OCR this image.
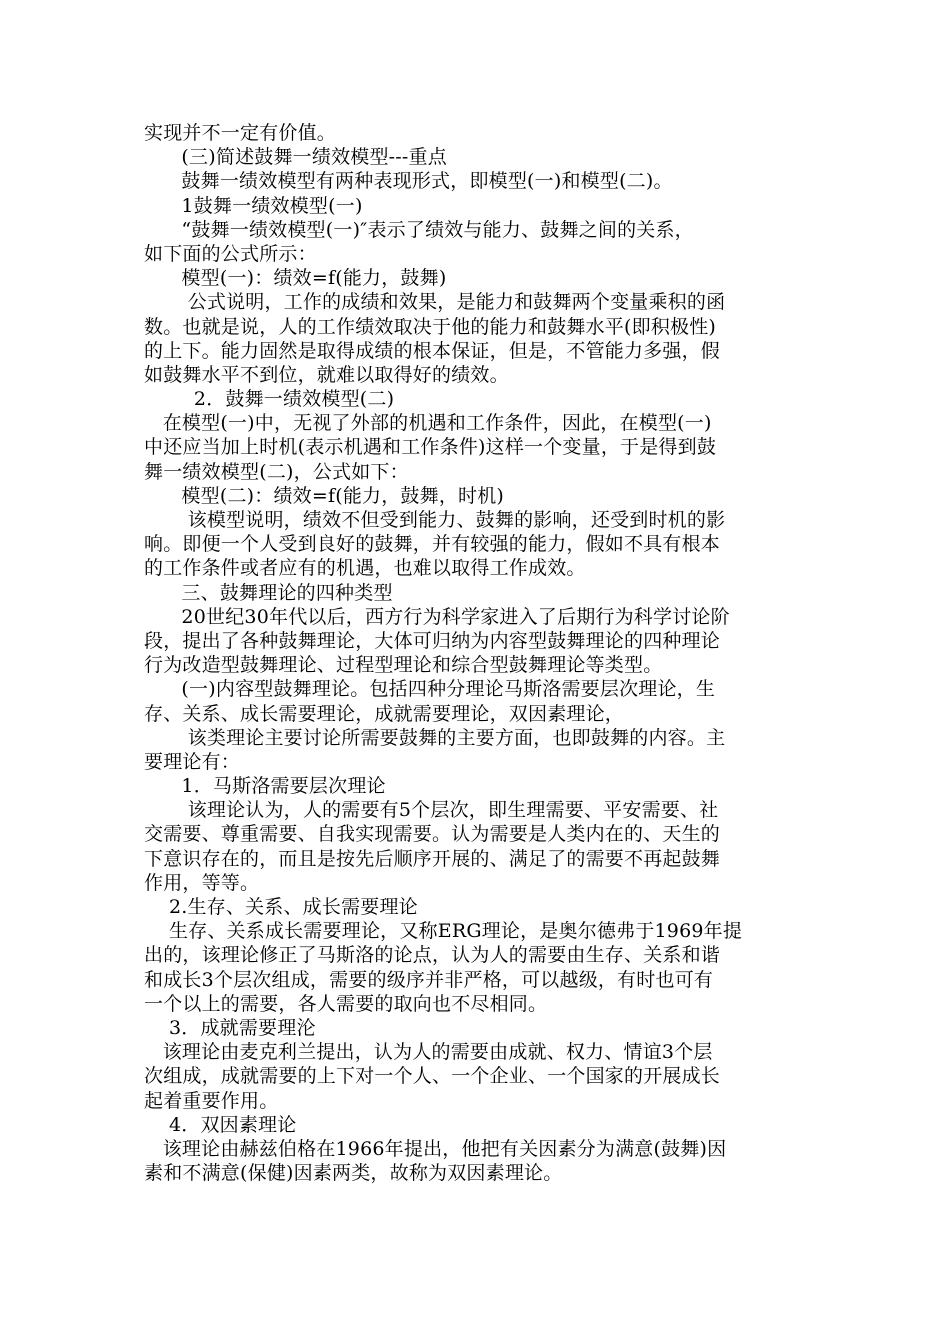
实现并不一定有价值。
(三)简述鼓舞一绩效模型---重点
鼓舞一绩效模型有两种表现形式，即模型(一)和模型(二)。
1鼓舞一绩效模型(一)
“鼓舞一绩效模型(一)″表示了绩效与能力、鼓舞之间的关系，
如下面的公式所示：
模型(一)：绩效=f(能力，鼓舞)
公式说明，工作的成绩和效果，是能力和鼓舞两个变量乘积的函
数。也就是说，人的工作绩效取决于他的能力和鼓舞水平(即积极性)
的上下。能力固然是取得成绩的根本保证，但是，不管能力多强，假
如鼓舞水平不到位，就难以取得好的绩效。
2．鼓舞一绩效模型(二)
在模型(一)中，无视了外部的机遇和工作条件，因此，在模型(一)
中还应当加上时机(表示机遇和工作条件)这样一个变量，于是得到鼓
舞一绩效模型(二)，公式如下：
模型(二)：绩效=f(能力，鼓舞，时机)
该模型说明，绩效不但受到能力、鼓舞的影响，还受到时机的影
响。即便一个人受到良好的鼓舞，并有较强的能力，假如不具有根本
的工作条件或者应有的机遇，也难以取得工作成效。
三、鼓舞理论的四种类型
20世纪30年代以后，西方行为科学家进入了后期行为科学讨论阶
段，提出了各种鼓舞理论，大体可归纳为内容型鼓舞理论的四种理论
行为改造型鼓舞理论、过程型理论和综合型鼓舞理论等类型。
(一)内容型鼓舞理论。包括四种分理论马斯洛需要层次理论，生
存、关系、成长需要理论，成就需要理论，双因素理论，
该类理论主要讨论所需要鼓舞的主要方面，也即鼓舞的内容。主
要理论有：
1．马斯洛需要层次理论
该理论认为，人的需要有5个层次，即生理需要、平安需要、社
交需要、尊重需要、自我实现需要。认为需要是人类内在的、天生的
下意识存在的，而且是按先后顺序开展的、满足了的需要不再起鼓舞
作用，等等。
2.生存、关系、成长需要理论
生存、关系成长需要理论，又称ERG理论，是奥尔德弗于1969年提
出的，该理论修正了马斯洛的论点，认为人的需要由生存、关系和谐
和成长3个层次组成，需要的级序并非严格，可以越级，有时也可有
一个以上的需要，各人需要的取向也不尽相同。
3．成就需要理沦
该理论由麦克利兰提出，认为人的需要由成就、权力、情谊3个层
次组成，成就需要的上下对一个人、一个企业、一个国家的开展成长
起着重要作用。
4．双因素理论
该理论由赫兹伯格在1966年提出，他把有关因素分为满意(鼓舞)因
素和不满意(保健)因素两类，故称为双因素理论。
